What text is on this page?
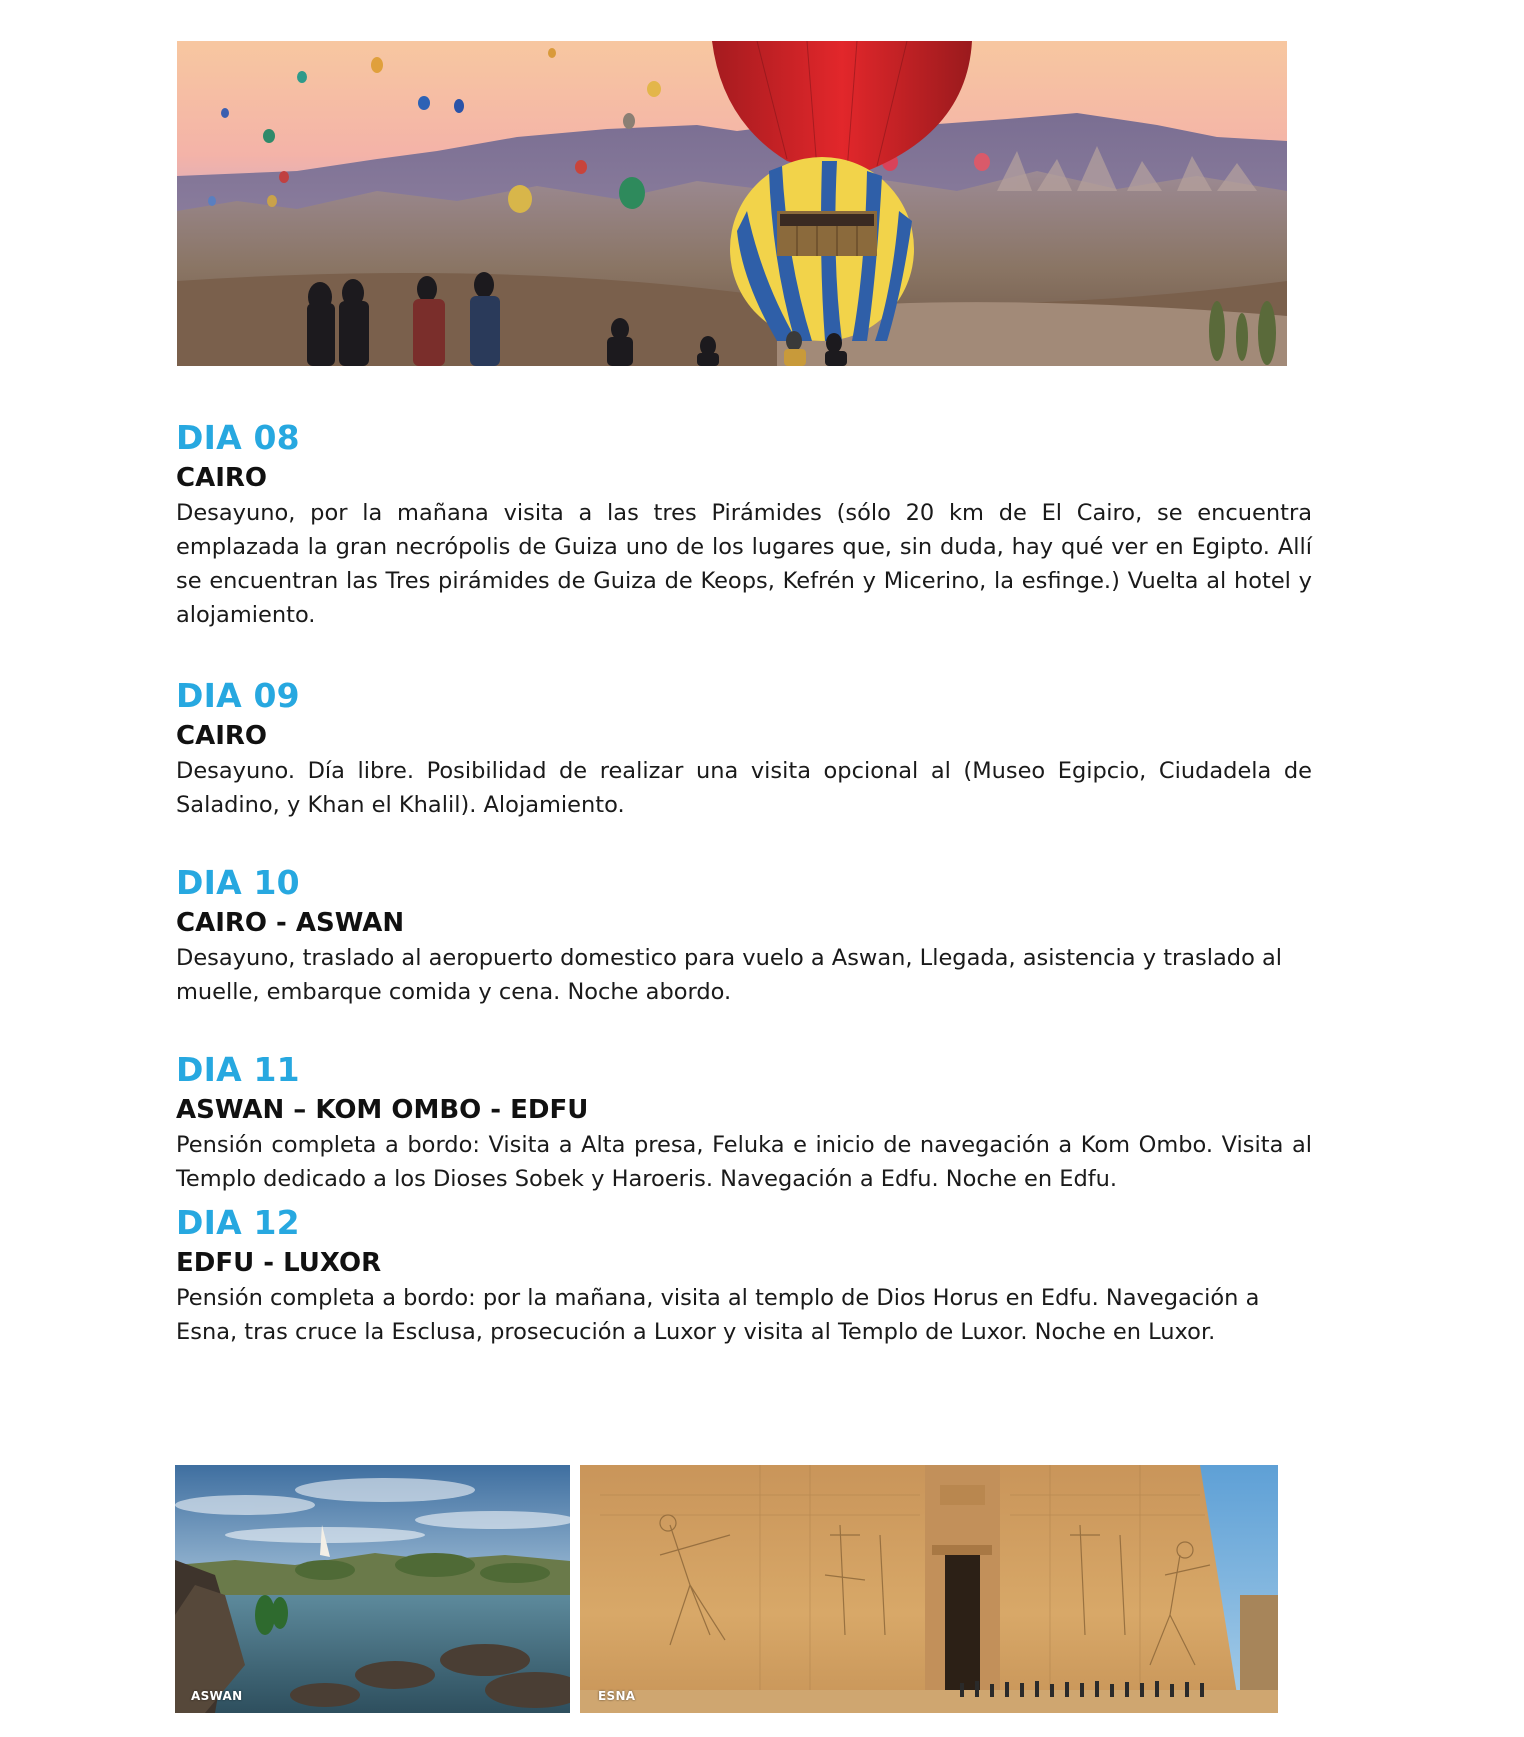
DIA 08
CAIRO

Desayuno, por la mañana visita a las tres Pirámides (sólo 20 km de El Cairo, se encuentra emplazada la gran necrópolis de Guiza uno de los lugares que, sin duda, hay qué ver en Egipto. Allí se encuentran las Tres pirámides de Guiza de Keops, Kefrén y Micerino, la esfinge.) Vuelta al hotel y alojamiento.

DIA 09
CAIRO

Desayuno. Día libre. Posibilidad de realizar una visita opcional al (Museo Egipcio, Ciudadela de Saladino, y Khan el Khalil). Alojamiento.

DIA 10
CAIRO - ASWAN

Desayuno, traslado al aeropuerto domestico para vuelo a Aswan, Llegada, asistencia y traslado al muelle, embarque comida y cena. Noche abordo.

DIA 11
ASWAN – KOM OMBO - EDFU

Pensión completa a bordo: Visita a Alta presa, Feluka e inicio de navegación a Kom Ombo. Visita al Templo dedicado a los Dioses Sobek y Haroeris. Navegación a Edfu. Noche en Edfu.

DIA 12
EDFU - LUXOR

Pensión completa a bordo: por la mañana, visita al templo de Dios Horus en Edfu. Navegación a Esna, tras cruce la Esclusa, prosecución a Luxor y visita al Templo de Luxor. Noche en Luxor.

ASWAN	ESNA
